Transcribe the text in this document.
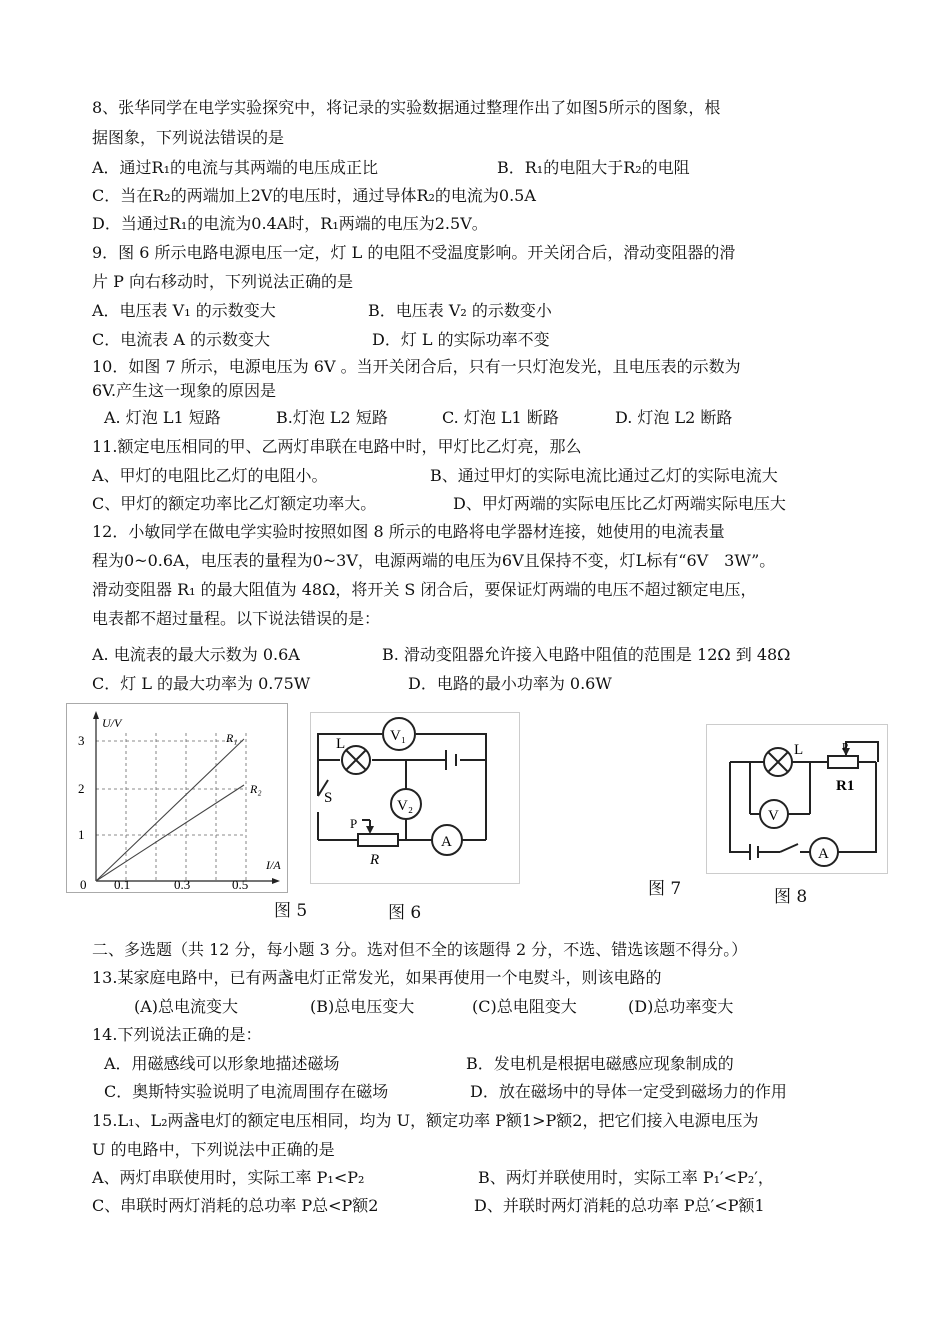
8、张华同学在电学实验探究中，将记录的实验数据通过整理作出了如图5所示的图象，根
据图象，下列说法错误的是
A．通过R₁的电流与其两端的电压成正比	B．R₁的电阻大于R₂的电阻
C．当在R₂的两端加上2V的电压时，通过导体R₂的电流为0.5A
D．当通过R₁的电流为0.4A时，R₁两端的电压为2.5V。
9．图 6 所示电路电源电压一定，灯 L 的电阻不受温度影响。开关闭合后，滑动变阻器的滑
片 P 向右移动时，下列说法正确的是
A．电压表 V₁ 的示数变大	B．电压表 V₂ 的示数变小
C．电流表 A 的示数变大	D．灯 L 的实际功率不变
10．如图 7 所示，电源电压为 6V 。当开关闭合后，只有一只灯泡发光，且电压表的示数为
6V.产生这一现象的原因是
A. 灯泡 L1 短路	B.灯泡 L2 短路	C. 灯泡 L1 断路	D. 灯泡 L2 断路
11.额定电压相同的甲、乙两灯串联在电路中时，甲灯比乙灯亮，那么
A、甲灯的电阻比乙灯的电阻小。	B、通过甲灯的实际电流比通过乙灯的实际电流大
C、甲灯的额定功率比乙灯额定功率大。	D、甲灯两端的实际电压比乙灯两端实际电压大
12．小敏同学在做电学实验时按照如图 8 所示的电路将电学器材连接，她使用的电流表量
程为0~0.6A，电压表的量程为0~3V，电源两端的电压为6V且保持不变，灯L标有“6V　3W”。
滑动变阻器 R₁ 的最大阻值为 48Ω，将开关 S 闭合后，要保证灯两端的电压不超过额定电压，
电表都不超过量程。以下说法错误的是：
A. 电流表的最大示数为 0.6A	B. 滑动变阻器允许接入电路中阻值的范围是 12Ω 到 48Ω
C．灯 L 的最大功率为 0.75W	D．电路的最小功率为 0.6W
U/V
R₁
R₂
I/A
3
2
1
0 0.1	0.3	0.5
图 5
V₁
L
V₂
A
S
P
R
图 6
图 7
L	P
R1
V
A
图 8
二、多选题（共 12 分，每小题 3 分。选对但不全的该题得 2 分，不选、错选该题不得分。）
13.某家庭电路中，已有两盏电灯正常发光，如果再使用一个电熨斗，则该电路的
(A)总电流变大	(B)总电压变大	(C)总电阻变大	(D)总功率变大
14.下列说法正确的是：
A．用磁感线可以形象地描述磁场	B．发电机是根据电磁感应现象制成的
C．奥斯特实验说明了电流周围存在磁场	D．放在磁场中的导体一定受到磁场力的作用
15.L₁、L₂两盏电灯的额定电压相同，均为 U，额定功率 P额1>P额2，把它们接入电源电压为
U 的电路中，下列说法中正确的是
A、两灯串联使用时，实际工率 P₁<P₂	B、两灯并联使用时，实际工率 P₁′<P₂′，
C、串联时两灯消耗的总功率 P总<P额2	D、并联时两灯消耗的总功率 P总′<P额1
